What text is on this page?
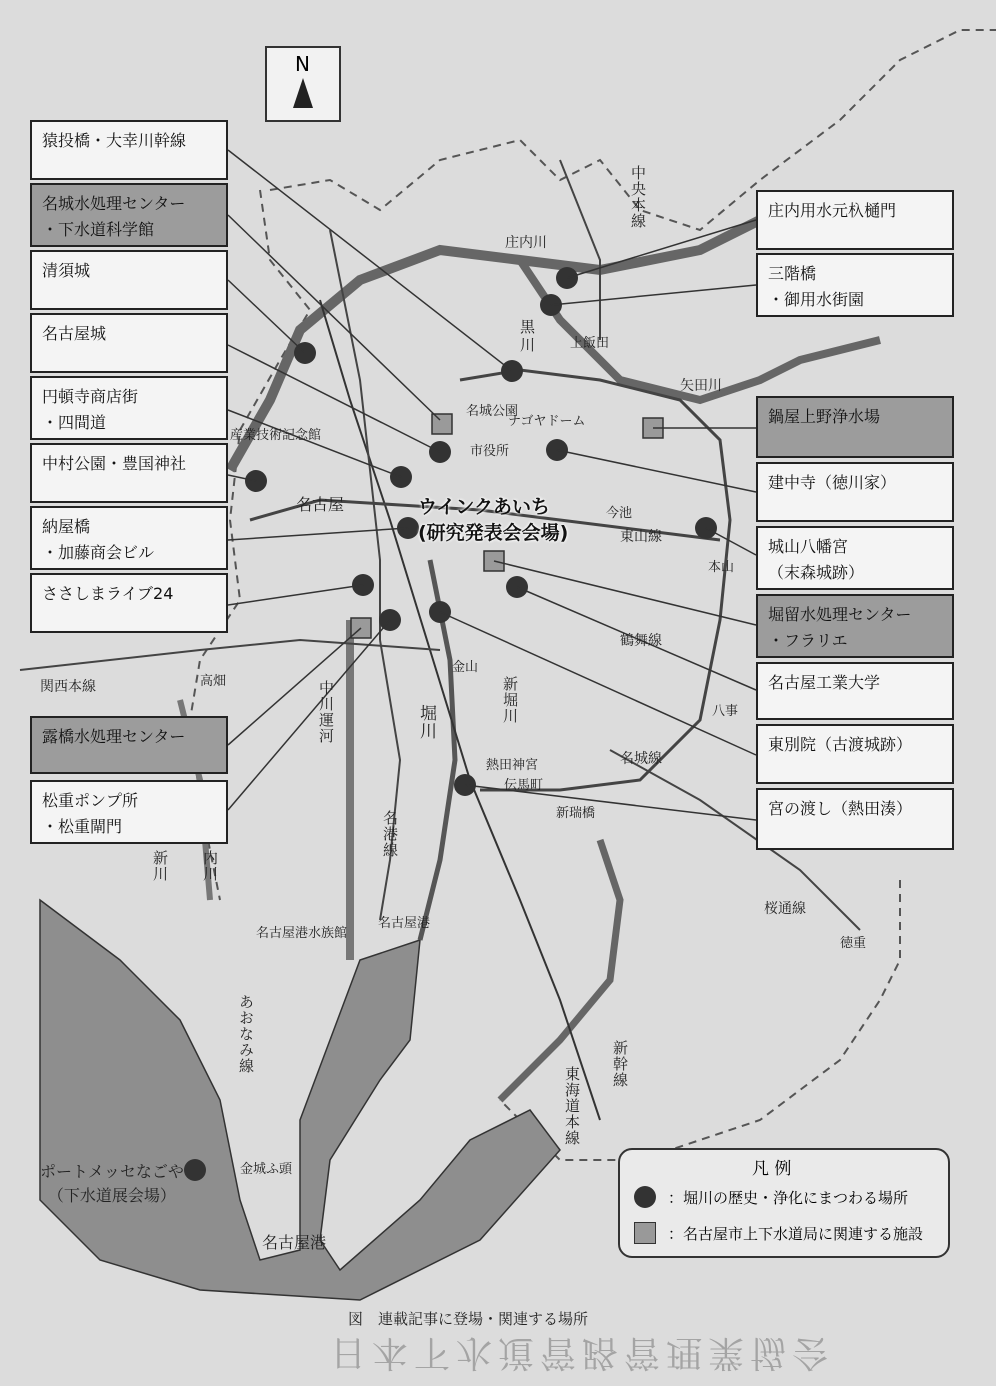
N
猿投橋・大幸川幹線
名城水処理センター
・下水道科学館
清須城
名古屋城
円頓寺商店街
・四間道
中村公園・豊国神社
納屋橋
・加藤商会ビル
ささしまライブ24
露橋水処理センター
松重ポンプ所
・松重閘門
庄内用水元杁樋門
三階橋
・御用水街園
鍋屋上野浄水場
建中寺（徳川家）
城山八幡宮
（末森城跡）
堀留水処理センター
・フラリエ
名古屋工業大学
東別院（古渡城跡）
宮の渡し（熱田湊）
ポートメッセなごや
（下水道展会場）
ウインクあいち
(研究発表会会場)
庄内川
黒
川
矢田川
中央本線
上飯田
名城公園
ナゴヤドーム
市役所
産業技術記念館
名古屋	今池
東山線
本山
鶴舞線
金山
高畑
関西本線	中川運河	堀川	新堀川	八事
名城線
熱田神宮
伝馬町
新瑞橋
名港線
桜通線
徳重
名古屋港
名古屋港水族館
あおなみ線
金城ふ頭
新幹線
東海道本線
新川 内川
名古屋港
凡 例
：堀川の歴史・浄化にまつわる場所
：名古屋市上下水道局に関連する施設
図　連載記事に登場・関連する場所
日本下水道管路管理業協会
